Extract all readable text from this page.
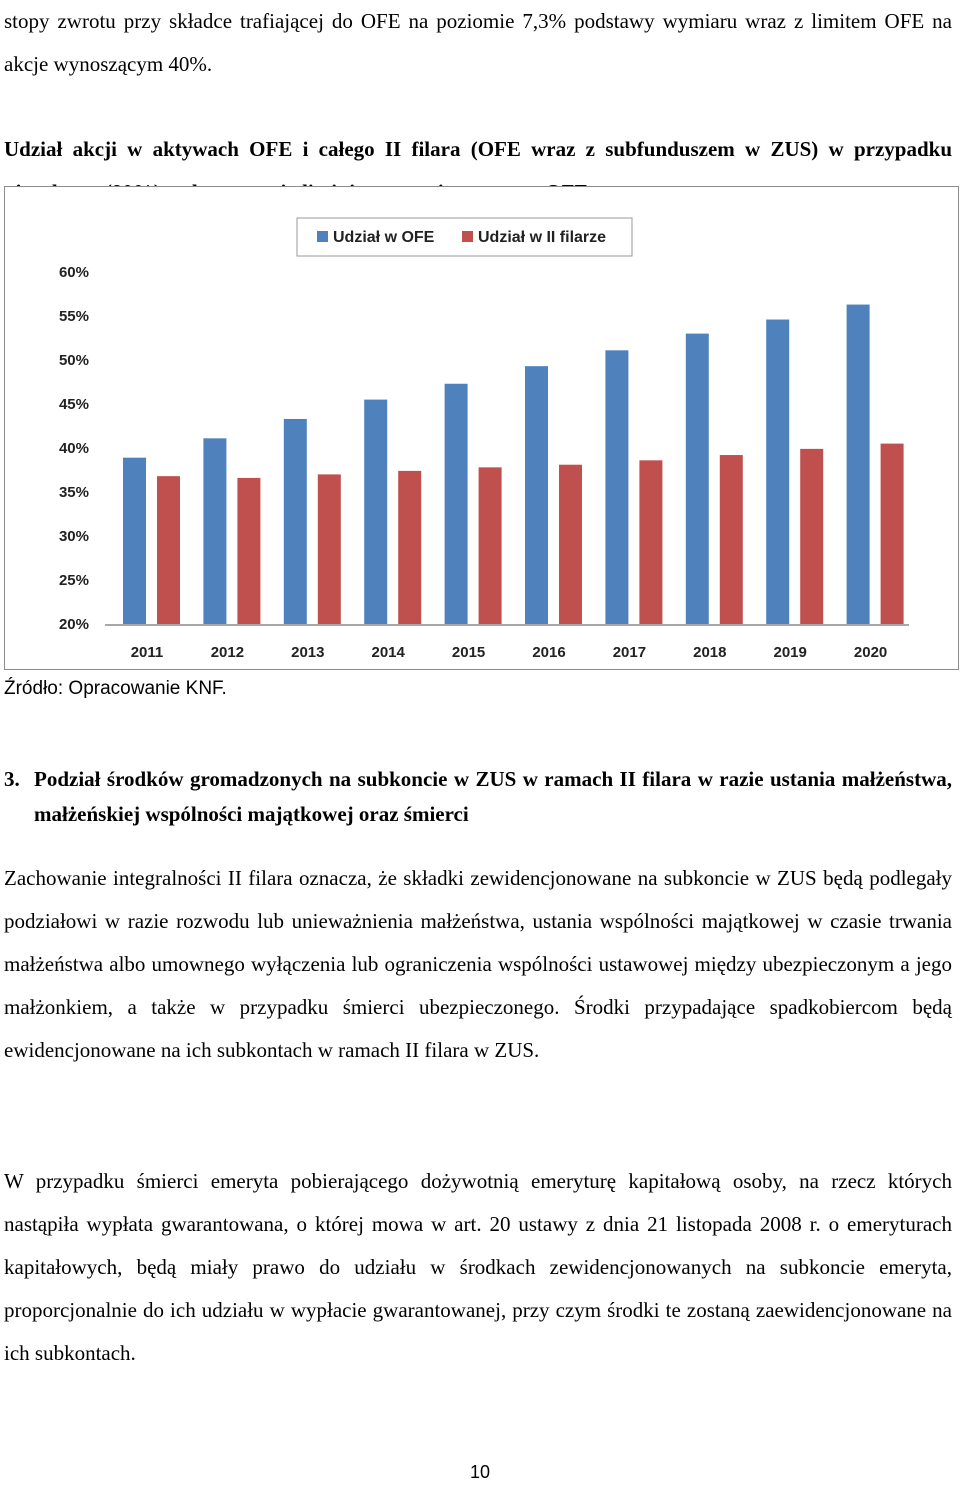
stopy zwrotu przy składce trafiającej do OFE na poziomie 7,3% podstawy wymiaru wraz z limitem OFE na akcje wynoszącym 40%.
Udział akcji w aktywach OFE i całego II filara (OFE wraz z subfunduszem w ZUS) w przypadku
20%
25%
30%
35%
40%
45%
50%
55%
60%
2011	2012	2013	2014	2015	2016	2017	2018	2019	2020
Udział w OFE	Udział w II filarze
Źródło: Opracowanie KNF.
3. Podział środków gromadzonych na subkoncie w ZUS w ramach II filara w razie ustania małżeństwa, małżeńskiej wspólności majątkowej oraz śmierci
Zachowanie integralności II filara oznacza, że składki zewidencjonowane na subkoncie w ZUS będą podlegały podziałowi w razie rozwodu lub unieważnienia małżeństwa, ustania wspólności majątkowej w czasie trwania małżeństwa albo umownego wyłączenia lub ograniczenia wspólności ustawowej między ubezpieczonym a jego małżonkiem, a także w przypadku śmierci ubezpieczonego. Środki przypadające spadkobiercom będą ewidencjonowane na ich subkontach w ramach II filara w ZUS.
W przypadku śmierci emeryta pobierającego dożywotnią emeryturę kapitałową osoby, na rzecz których nastąpiła wypłata gwarantowana, o której mowa w art. 20 ustawy z dnia 21 listopada 2008 r. o emeryturach kapitałowych, będą miały prawo do udziału w środkach zewidencjonowanych na subkoncie emeryta, proporcjonalnie do ich udziału w wypłacie gwarantowanej, przy czym środki te zostaną zaewidencjonowane na ich subkontach.
10
